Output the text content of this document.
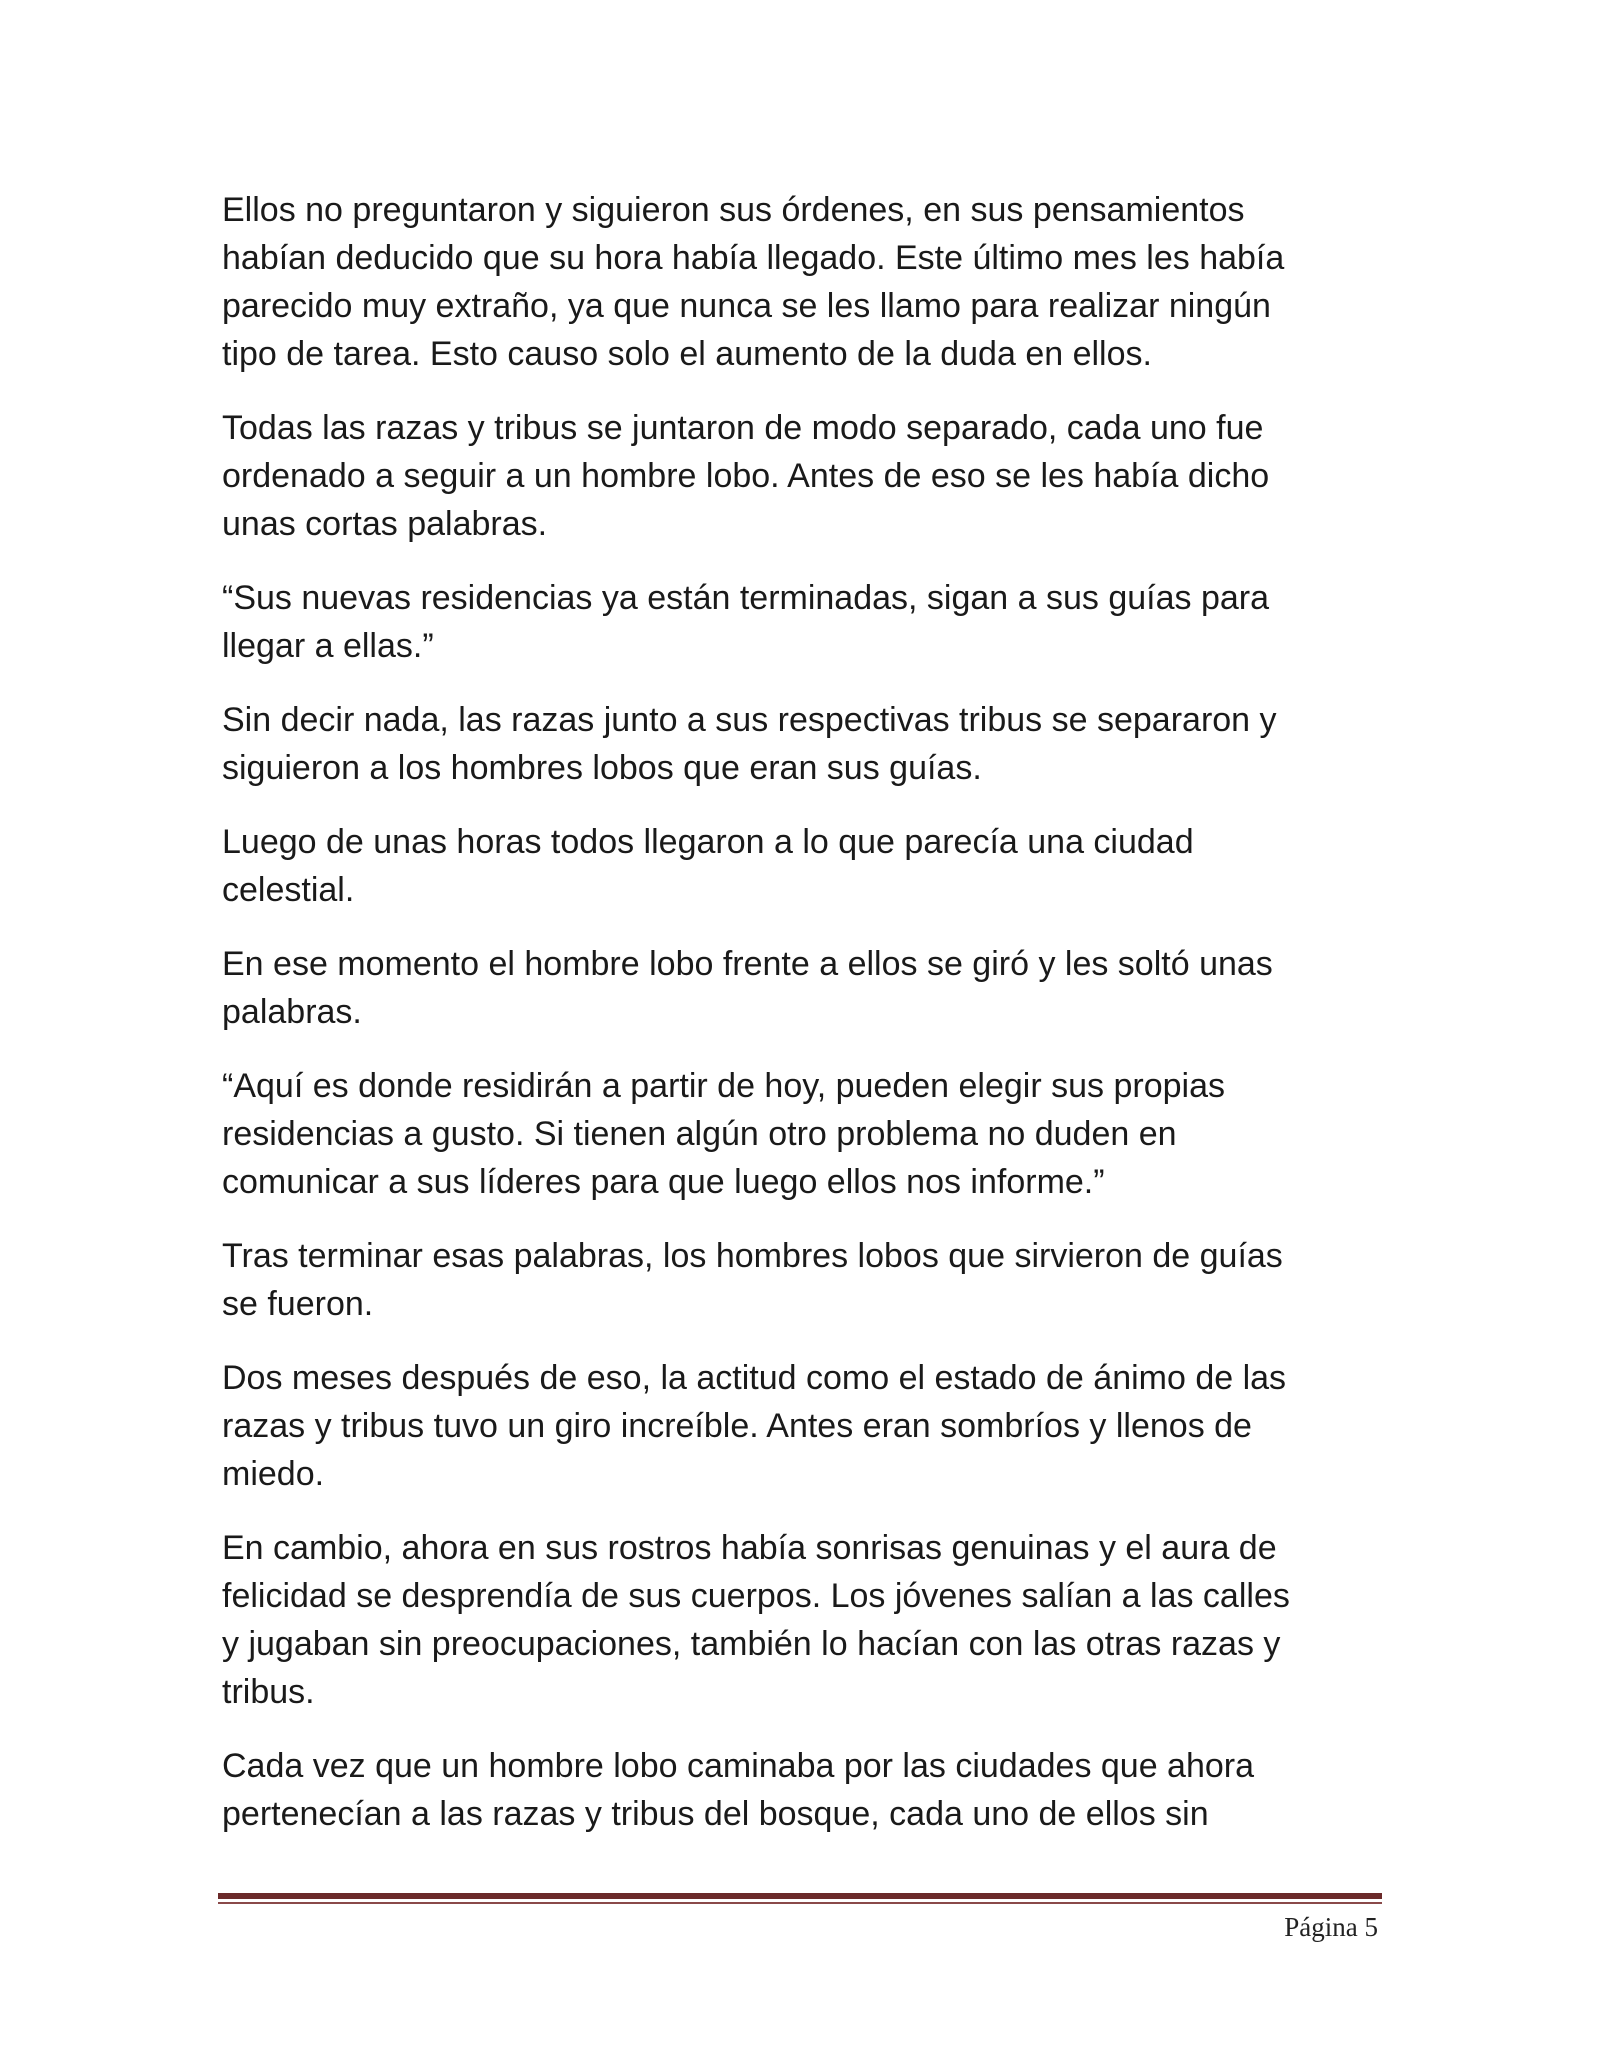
Ellos no preguntaron y siguieron sus órdenes, en sus pensamientos
habían deducido que su hora había llegado. Este último mes les había
parecido muy extraño, ya que nunca se les llamo para realizar ningún
tipo de tarea. Esto causo solo el aumento de la duda en ellos.

Todas las razas y tribus se juntaron de modo separado, cada uno fue
ordenado a seguir a un hombre lobo. Antes de eso se les había dicho
unas cortas palabras.

“Sus nuevas residencias ya están terminadas, sigan a sus guías para
llegar a ellas.”

Sin decir nada, las razas junto a sus respectivas tribus se separaron y
siguieron a los hombres lobos que eran sus guías.

Luego de unas horas todos llegaron a lo que parecía una ciudad
celestial.

En ese momento el hombre lobo frente a ellos se giró y les soltó unas
palabras.

“Aquí es donde residirán a partir de hoy, pueden elegir sus propias
residencias a gusto. Si tienen algún otro problema no duden en
comunicar a sus líderes para que luego ellos nos informe.”

Tras terminar esas palabras, los hombres lobos que sirvieron de guías
se fueron.

Dos meses después de eso, la actitud como el estado de ánimo de las
razas y tribus tuvo un giro increíble. Antes eran sombríos y llenos de
miedo.

En cambio, ahora en sus rostros había sonrisas genuinas y el aura de
felicidad se desprendía de sus cuerpos. Los jóvenes salían a las calles
y jugaban sin preocupaciones, también lo hacían con las otras razas y
tribus.

Cada vez que un hombre lobo caminaba por las ciudades que ahora
pertenecían a las razas y tribus del bosque, cada uno de ellos sin

Página 5
